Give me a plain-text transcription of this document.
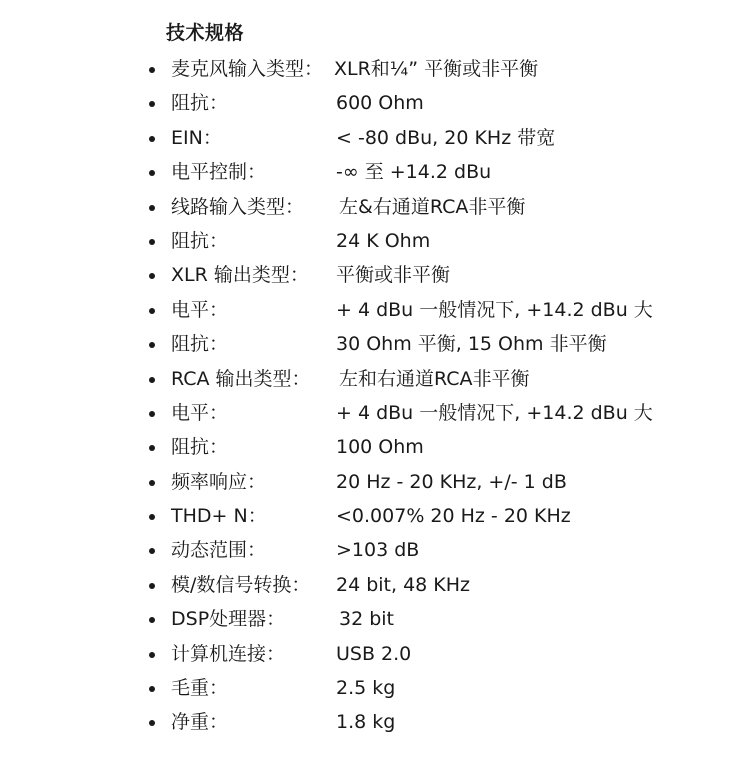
技术规格
麦克风输入类型： XLR和¼” 平衡或非平衡
阻抗：	600 Ohm
EIN：	< -80 dBu, 20 KHz 带宽
电平控制：	-∞ 至 +14.2 dBu
线路输入类型： 左&右通道RCA非平衡
阻抗：	24 K Ohm
XLR 输出类型： 平衡或非平衡
电平：	+ 4 dBu 一般情况下, +14.2 dBu 大
阻抗：	30 Ohm 平衡, 15 Ohm 非平衡
RCA 输出类型： 左和右通道RCA非平衡
电平：	+ 4 dBu 一般情况下, +14.2 dBu 大
阻抗：	100 Ohm
频率响应：	20 Hz - 20 KHz, +/- 1 dB
THD+ N：	<0.007% 20 Hz - 20 KHz
动态范围：	>103 dB
模/数信号转换： 24 bit, 48 KHz
DSP处理器：	32 bit
计算机连接：	USB 2.0
毛重：	2.5 kg
净重：	1.8 kg
